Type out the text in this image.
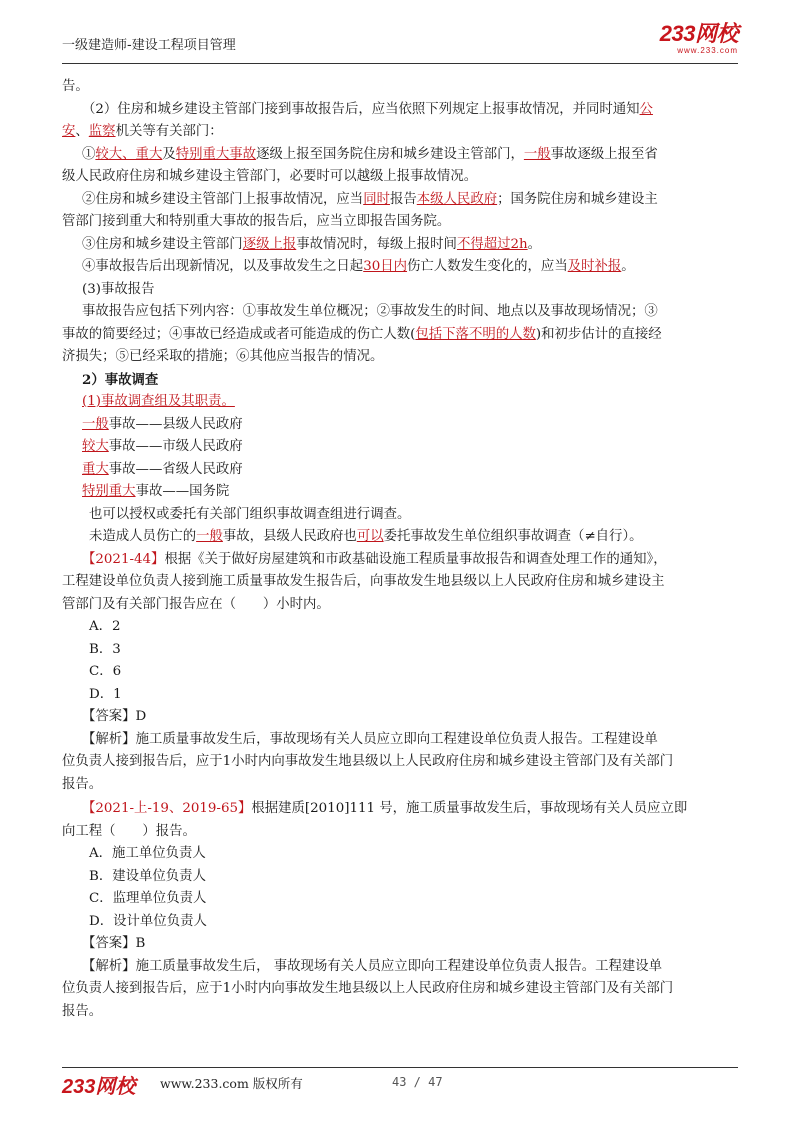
一级建造师-建设工程项目管理	233网校
www.233.com

告。

（2）住房和城乡建设主管部门接到事故报告后，应当依照下列规定上报事故情况，并同时通知公

安、监察机关等有关部门：

①较大、重大及特别重大事故逐级上报至国务院住房和城乡建设主管部门，一般事故逐级上报至省

级人民政府住房和城乡建设主管部门，必要时可以越级上报事故情况。

②住房和城乡建设主管部门上报事故情况，应当同时报告本级人民政府；国务院住房和城乡建设主

管部门接到重大和特别重大事故的报告后，应当立即报告国务院。

③住房和城乡建设主管部门逐级上报事故情况时，每级上报时间不得超过2h。

④事故报告后出现新情况，以及事故发生之日起30日内伤亡人数发生变化的，应当及时补报。

(3)事故报告

事故报告应包括下列内容：①事故发生单位概况；②事故发生的时间、地点以及事故现场情况；③

事故的简要经过；④事故已经造成或者可能造成的伤亡人数(包括下落不明的人数)和初步估计的直接经

济损失；⑤已经采取的措施；⑥其他应当报告的情况。

2）事故调查

(1)事故调查组及其职责。

一般事故——县级人民政府

较大事故——市级人民政府

重大事故——省级人民政府

特别重大事故——国务院

也可以授权或委托有关部门组织事故调查组进行调查。

未造成人员伤亡的一般事故，县级人民政府也可以委托事故发生单位组织事故调查（≠自行）。

【2021-44】根据《关于做好房屋建筑和市政基础设施工程质量事故报告和调查处理工作的通知》，

工程建设单位负责人接到施工质量事故发生报告后，向事故发生地县级以上人民政府住房和城乡建设主

管部门及有关部门报告应在（　　）小时内。

A．2

B．3

C．6

D．1

【答案】D

【解析】施工质量事故发生后，事故现场有关人员应立即向工程建设单位负责人报告。工程建设单

位负责人接到报告后，应于1小时内向事故发生地县级以上人民政府住房和城乡建设主管部门及有关部门

报告。

【2021-上-19、2019-65】根据建质[2010]111 号，施工质量事故发生后，事故现场有关人员应立即

向工程（　　）报告。

A．施工单位负责人

B．建设单位负责人

C．监理单位负责人

D．设计单位负责人

【答案】B

【解析】施工质量事故发生后， 事故现场有关人员应立即向工程建设单位负责人报告。工程建设单

位负责人接到报告后，应于1小时内向事故发生地县级以上人民政府住房和城乡建设主管部门及有关部门

报告。

233网校 www.233.com 版权所有	43 / 47
